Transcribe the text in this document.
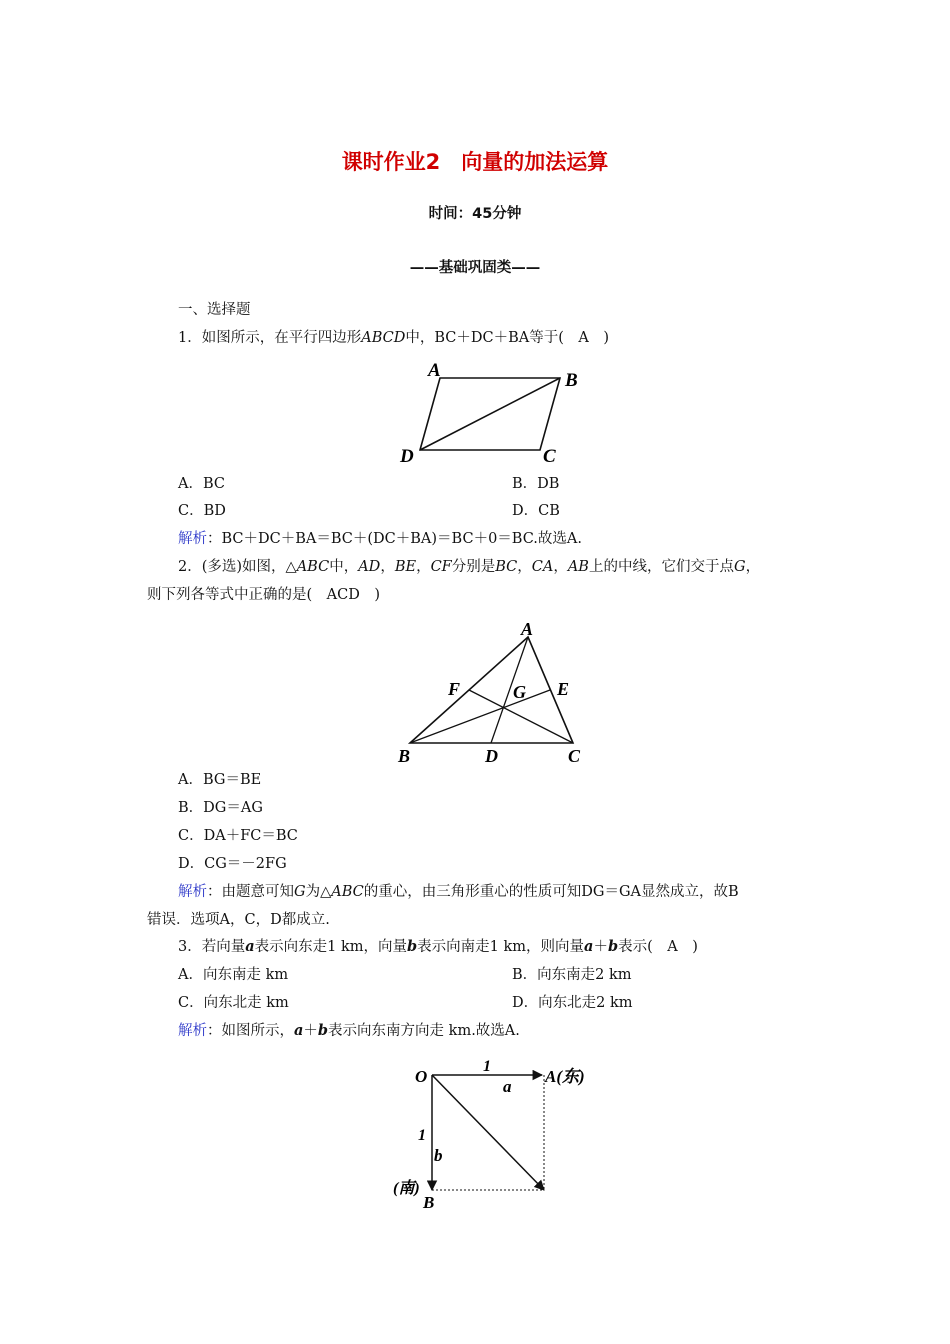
课时作业2　向量的加法运算
时间：45分钟
——基础巩固类——
一、选择题
1．如图所示，在平行四边形ABCD中，BC＋DC＋BA等于(　A　)
A	B
C
D
A．BC	B．DB
C．BD	D．CB
解析：BC＋DC＋BA＝BC＋(DC＋BA)＝BC＋0＝BC.故选A.
2．(多选)如图，△ABC中，AD，BE，CF分别是BC，CA，AB上的中线，它们交于点G，
则下列各等式中正确的是(　ACD　)
A
B	C
D
E
F	G
A．BG＝BE
B．DG＝AG
C．DA＋FC＝BC
D．CG＝－2FG
解析：由题意可知G为△ABC的重心，由三角形重心的性质可知DG＝GA显然成立，故B
错误．选项A，C，D都成立.
3．若向量a表示向东走1 km，向量b表示向南走1 km，则向量a＋b表示(　A　)
A．向东南走 km	B．向东南走2 km
C．向东北走 km	D．向东北走2 km
解析：如图所示，a＋b表示向东南方向走 km.故选A.
O
1
a
A(东)
1
b
(南)
B
